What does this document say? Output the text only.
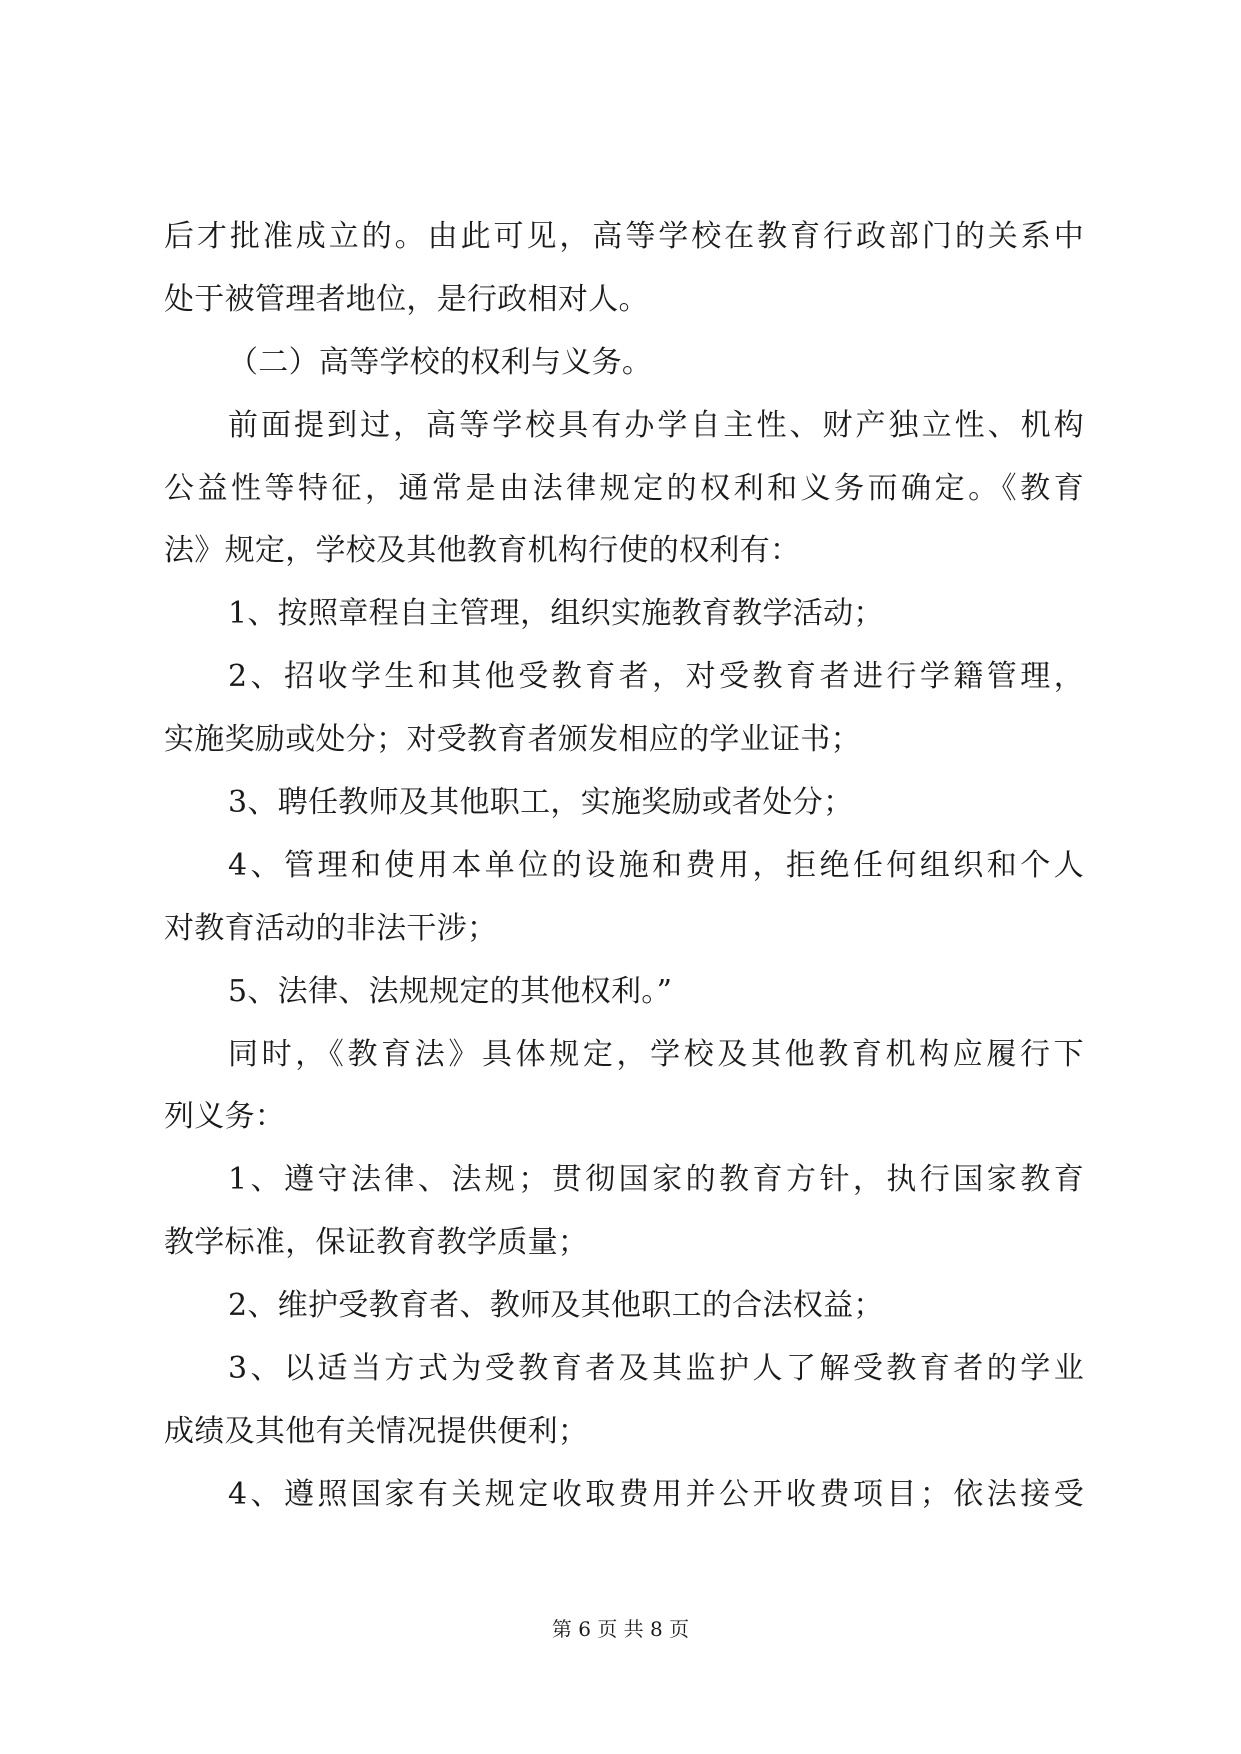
后才批准成立的。由此可见，高等学校在教育行政部门的关系中
处于被管理者地位，是行政相对人。
（二）高等学校的权利与义务。
前面提到过，高等学校具有办学自主性、财产独立性、机构
公益性等特征，通常是由法律规定的权利和义务而确定。《教育
法》规定，学校及其他教育机构行使的权利有：
1、按照章程自主管理，组织实施教育教学活动；
2、招收学生和其他受教育者，对受教育者进行学籍管理，
实施奖励或处分；对受教育者颁发相应的学业证书；
3、聘任教师及其他职工，实施奖励或者处分；
4、管理和使用本单位的设施和费用，拒绝任何组织和个人
对教育活动的非法干涉；
5、法律、法规规定的其他权利。”
同时，《教育法》具体规定，学校及其他教育机构应履行下
列义务：
1、遵守法律、法规；贯彻国家的教育方针，执行国家教育
教学标准，保证教育教学质量；
2、维护受教育者、教师及其他职工的合法权益；
3、以适当方式为受教育者及其监护人了解受教育者的学业
成绩及其他有关情况提供便利；
4、遵照国家有关规定收取费用并公开收费项目；依法接受
第 6 页 共 8 页
